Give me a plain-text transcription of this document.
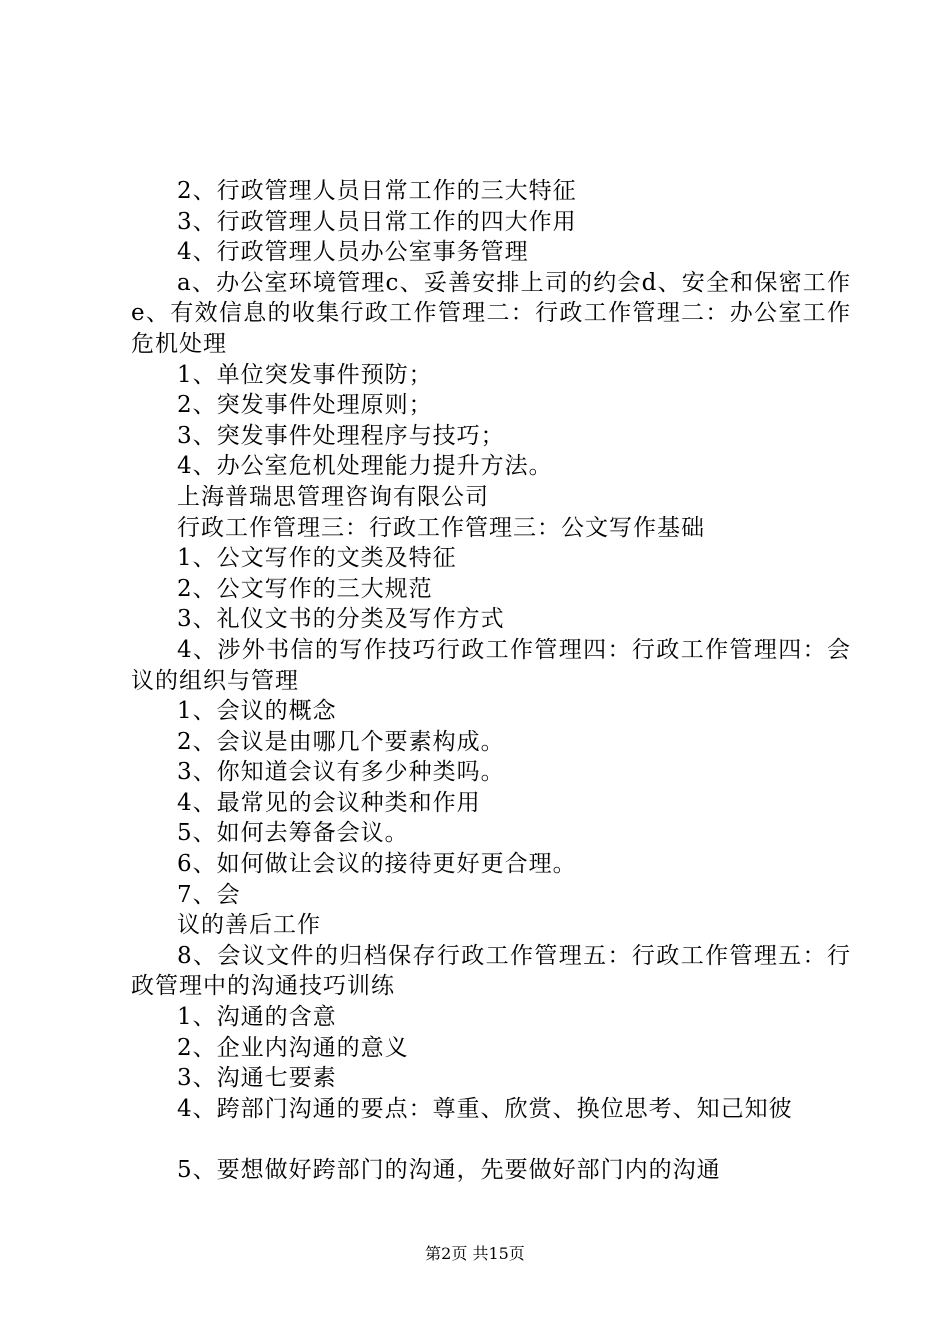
2、行政管理人员日常工作的三大特征

3、行政管理人员日常工作的四大作用

4、行政管理人员办公室事务管理

a、办公室环境管理c、妥善安排上司的约会d、安全和保密工作e、有效信息的收集行政工作管理二：行政工作管理二：办公室工作危机处理

1、单位突发事件预防；

2、突发事件处理原则；

3、突发事件处理程序与技巧；

4、办公室危机处理能力提升方法。

上海普瑞思管理咨询有限公司

行政工作管理三：行政工作管理三：公文写作基础

1、公文写作的文类及特征

2、公文写作的三大规范

3、礼仪文书的分类及写作方式

4、涉外书信的写作技巧行政工作管理四：行政工作管理四：会议的组织与管理

1、会议的概念

2、会议是由哪几个要素构成。

3、你知道会议有多少种类吗。

4、最常见的会议种类和作用

5、如何去筹备会议。

6、如何做让会议的接待更好更合理。

7、会

议的善后工作

8、会议文件的归档保存行政工作管理五：行政工作管理五：行政管理中的沟通技巧训练

1、沟通的含意

2、企业内沟通的意义

3、沟通七要素

4、跨部门沟通的要点：尊重、欣赏、换位思考、知己知彼

5、要想做好跨部门的沟通，先要做好部门内的沟通

第2页 共15页
